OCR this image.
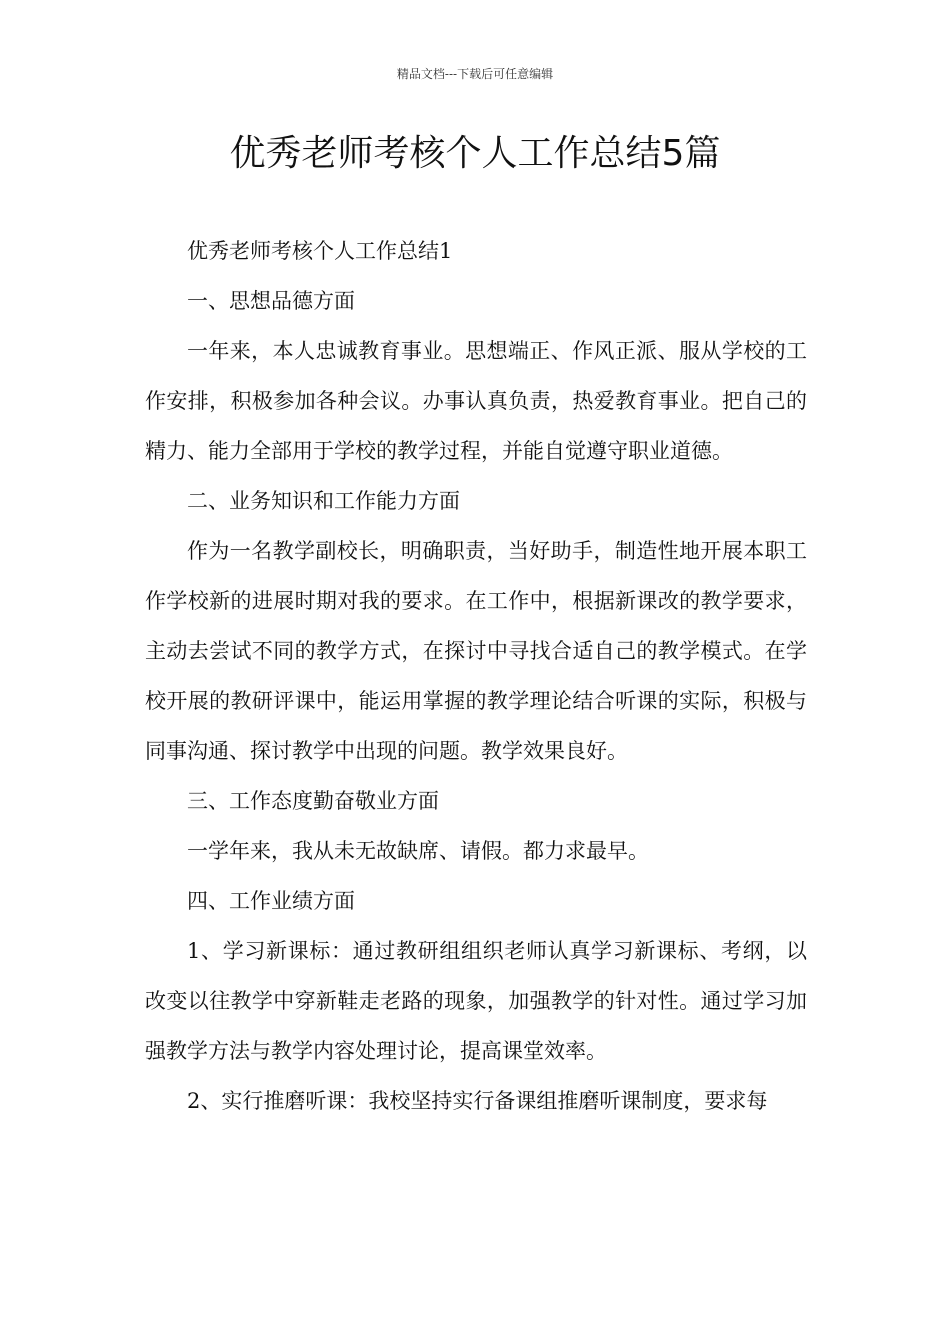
精品文档---下载后可任意编辑
优秀老师考核个人工作总结5篇

优秀老师考核个人工作总结1

一、思想品德方面

一年来，本人忠诚教育事业。思想端正、作风正派、服从学校的工作安排，积极参加各种会议。办事认真负责，热爱教育事业。把自己的精力、能力全部用于学校的教学过程，并能自觉遵守职业道德。

二、业务知识和工作能力方面

作为一名教学副校长，明确职责，当好助手，制造性地开展本职工作学校新的进展时期对我的要求。在工作中，根据新课改的教学要求，主动去尝试不同的教学方式，在探讨中寻找合适自己的教学模式。在学校开展的教研评课中，能运用掌握的教学理论结合听课的实际，积极与同事沟通、探讨教学中出现的问题。教学效果良好。

三、工作态度勤奋敬业方面

一学年来，我从未无故缺席、请假。都力求最早。

四、工作业绩方面

1、学习新课标：通过教研组组织老师认真学习新课标、考纲，以改变以往教学中穿新鞋走老路的现象，加强教学的针对性。通过学习加强教学方法与教学内容处理讨论，提高课堂效率。

2、实行推磨听课：我校坚持实行备课组推磨听课制度，要求每
